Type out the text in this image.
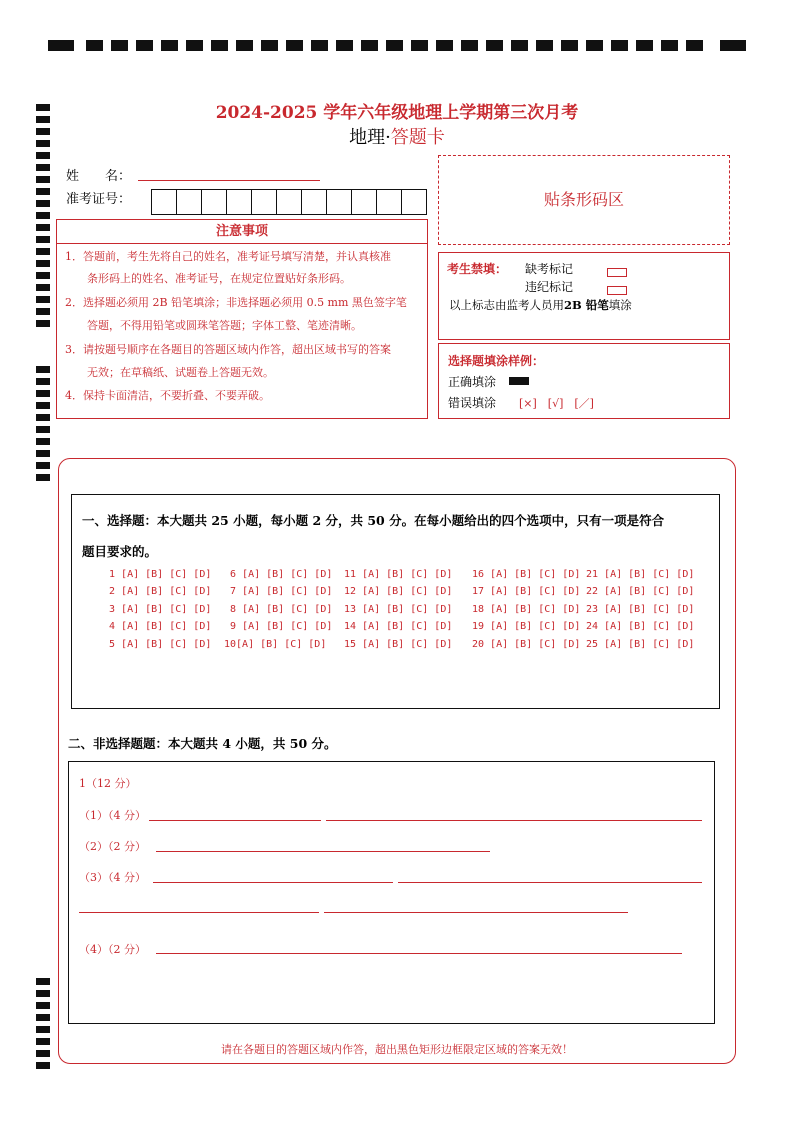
2024-2025 学年六年级地理上学期第三次月考
地理·答题卡
姓　　名：
准考证号：	贴条形码区
注意事项
1．答题前，考生先将自己的姓名，准考证号填写清楚，并认真核准
　　条形码上的姓名、准考证号，在规定位置贴好条形码。
2．选择题必须用 2B 铅笔填涂；非选择题必须用 0.5 mm 黑色签字笔
　　答题，不得用铅笔或圆珠笔答题；字体工整、笔迹清晰。
3．请按题号顺序在各题目的答题区域内作答，超出区域书写的答案
　　无效；在草稿纸、试题卷上答题无效。
4．保持卡面清洁，不要折叠、不要弄破。
考生禁填： 缺考标记
违纪标记
以上标志由监考人员用2B 铅笔填涂
选择题填涂样例：
正确填涂
错误填涂 [×]　[√]　[／]
一、选择题：本大题共 25 小题，每小题 2 分，共 50 分。在每小题给出的四个选项中，只有一项是符合
题目要求的。
1 [A] [B] [C] [D]
2 [A] [B] [C] [D]
3 [A] [B] [C] [D]
4 [A] [B] [C] [D]
5 [A] [B] [C] [D]
6 [A] [B] [C] [D]
7 [A] [B] [C] [D]
8 [A] [B] [C] [D]
9 [A] [B] [C] [D]
10[A] [B] [C] [D]
11 [A] [B] [C] [D]
12 [A] [B] [C] [D]
13 [A] [B] [C] [D]
14 [A] [B] [C] [D]
15 [A] [B] [C] [D]
16 [A] [B] [C] [D]
17 [A] [B] [C] [D]
18 [A] [B] [C] [D]
19 [A] [B] [C] [D]
20 [A] [B] [C] [D]
21 [A] [B] [C] [D]
22 [A] [B] [C] [D]
23 [A] [B] [C] [D]
24 [A] [B] [C] [D]
25 [A] [B] [C] [D]
二、非选择题题：本大题共 4 小题，共 50 分。
1（12 分）
（1）（4 分）
（2）（2 分）
（3）（4 分）
（4）（2 分）
请在各题目的答题区域内作答，超出黑色矩形边框限定区域的答案无效！
